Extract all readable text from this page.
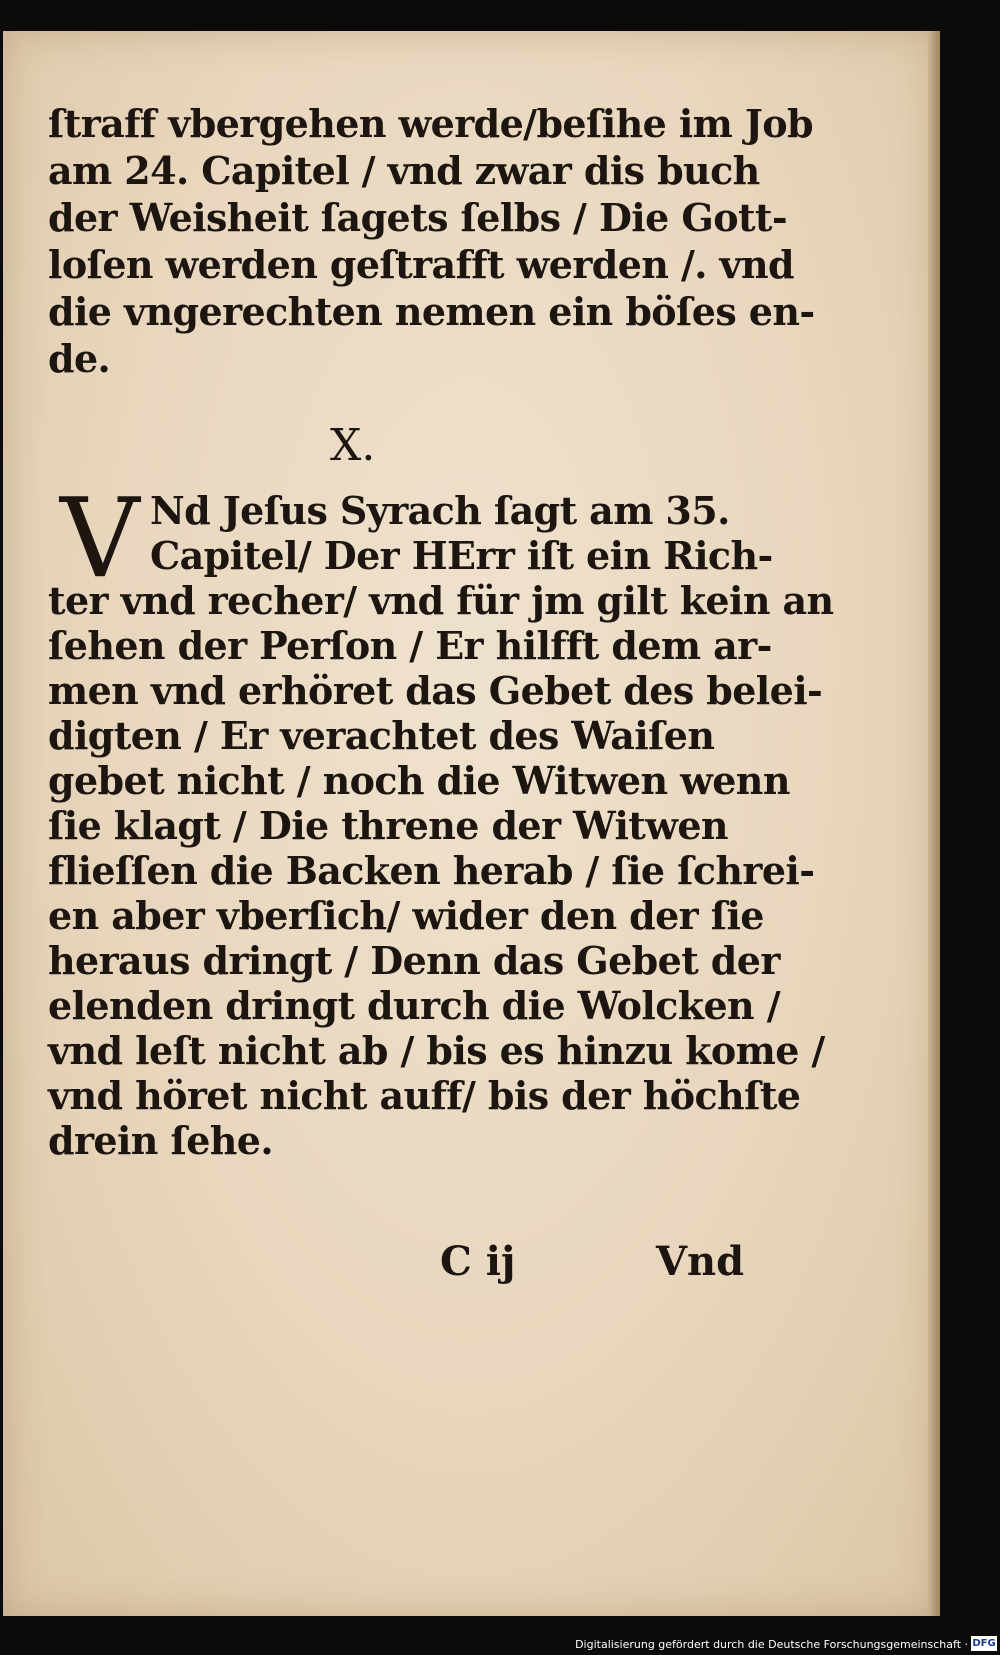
ſtraff vbergehen werde/beſihe im Job
am 24. Capitel / vnd zwar dis buch
der Weisheit ſagets ſelbs / Die Gott-
loſen werden geſtrafft werden /. vnd
die vngerechten nemen ein böſes en-
de.
X.
V Nd Jeſus Syrach ſagt am 35.
Capitel/ Der HErr iſt ein Rich-
ter vnd recher/ vnd für jm gilt kein an
ſehen der Perſon / Er hilfft dem ar-
men vnd erhöret das Gebet des belei-
digten / Er verachtet des Waiſen
gebet nicht / noch die Witwen wenn
ſie klagt / Die threne der Witwen
flieſſen die Backen herab / ſie ſchrei-
en aber vberſich/ wider den der ſie
heraus dringt / Denn das Gebet der
elenden dringt durch die Wolcken /
vnd leſt nicht ab / bis es hinzu kome /
vnd höret nicht auff/ bis der höchſte
drein ſehe.
C ij	Vnd
Digitalisierung gefördert durch die Deutsche Forschungsgemeinschaft · DFG
